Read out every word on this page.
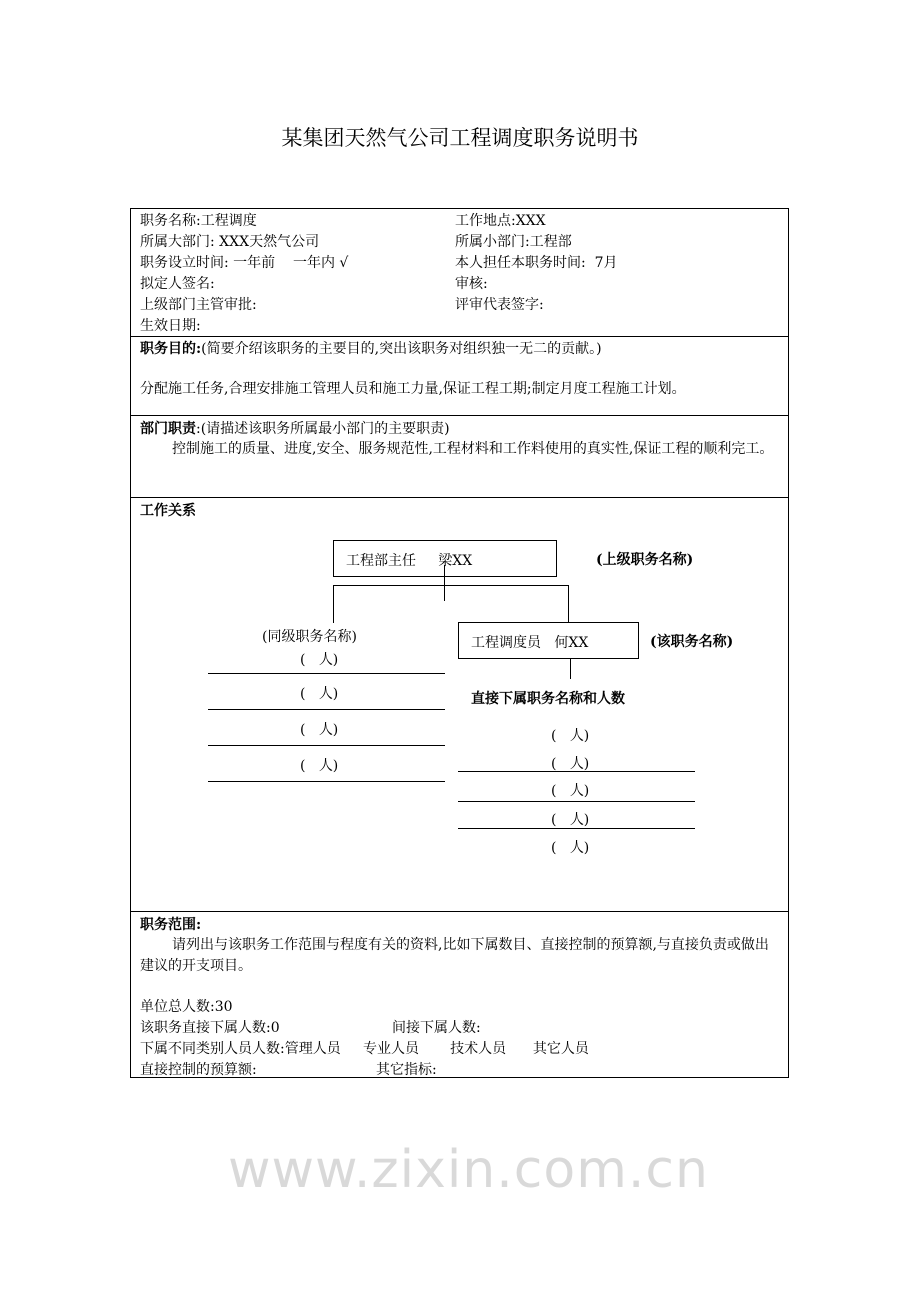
某集团天然气公司工程调度职务说明书
职务名称:工程调度	工作地点:XXX
所属大部门: XXX天然气公司	所属小部门:工程部
职务设立时间: 一年前    一年内 √	本人担任本职务时间:  7月
拟定人签名:	审核:
上级部门主管审批:	评审代表签字:
生效日期:
职务目的:(简要介绍该职务的主要目的,突出该职务对组织独一无二的贡献。)
分配施工任务,合理安排施工管理人员和施工力量,保证工程工期;制定月度工程施工计划。
部门职责:(请描述该职务所属最小部门的主要职责)
控制施工的质量、进度,安全、服务规范性,工程材料和工作料使用的真实性,保证工程的顺利完工。
工作关系
工程部主任     梁XX	(上级职务名称)
(同级职务名称)	工程调度员   何XX	(该职务名称)
(   人)
(   人)
(   人)
(   人)
直接下属职务名称和人数
(   人)
(   人)
(   人)
(   人)
(   人)
职务范围:
请列出与该职务工作范围与程度有关的资料,比如下属数目、直接控制的预算额,与直接负责或做出建议的开支项目。
单位总人数:30
该职务直接下属人数:0	间接下属人数:
下属不同类别人员人数:管理人员     专业人员       技术人员      其它人员
直接控制的预算额:	其它指标:
www.zixin.com.cn
